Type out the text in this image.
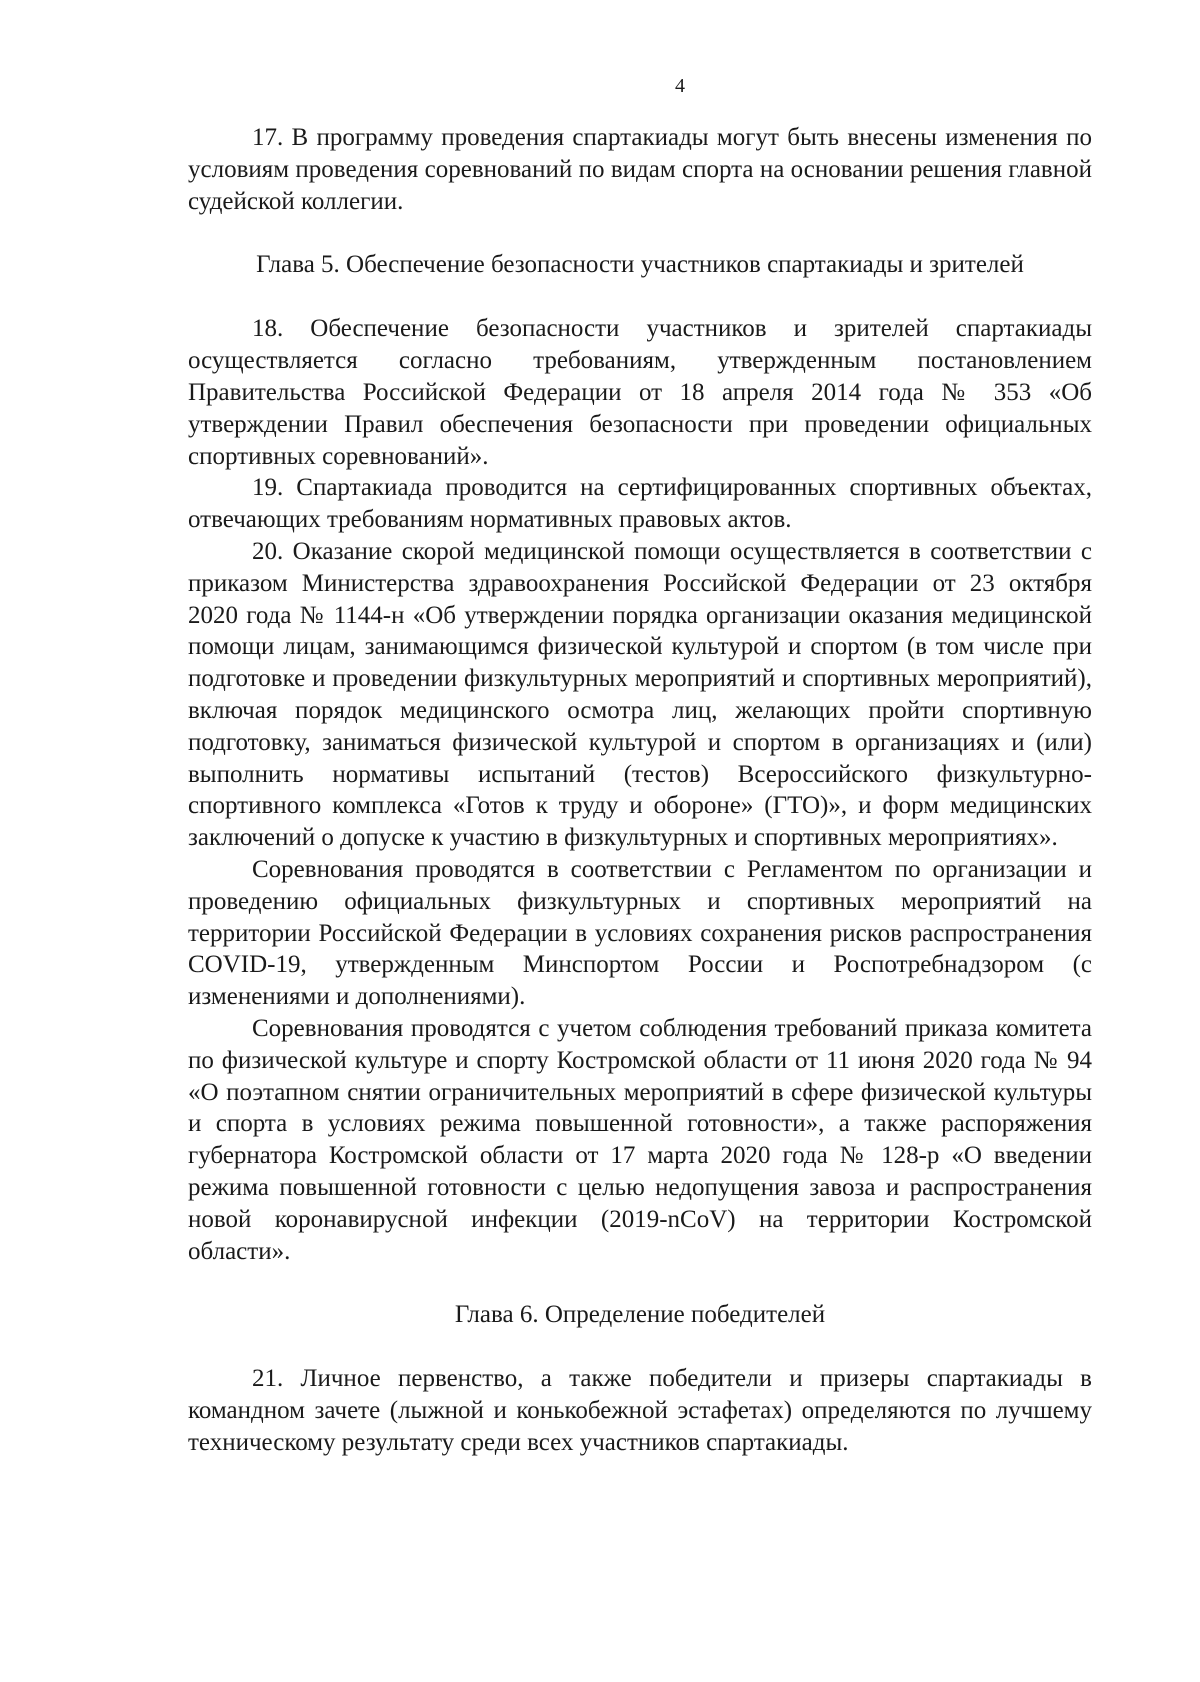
4

17. В программу проведения спартакиады могут быть внесены изменения по условиям проведения соревнований по видам спорта на основании решения главной судейской коллегии.

Глава 5. Обеспечение безопасности участников спартакиады и зрителей

18. Обеспечение безопасности участников и зрителей спартакиады осуществляется согласно требованиям, утвержденным постановлением Правительства Российской Федерации от 18 апреля 2014 года № 353 «Об утверждении Правил обеспечения безопасности при проведении официальных спортивных соревнований».

19. Спартакиада проводится на сертифицированных спортивных объектах, отвечающих требованиям нормативных правовых актов.

20. Оказание скорой медицинской помощи осуществляется в соответствии с приказом Министерства здравоохранения Российской Федерации от 23 октября 2020 года № 1144-н «Об утверждении порядка организации оказания медицинской помощи лицам, занимающимся физической культурой и спортом (в том числе при подготовке и проведении физкультурных мероприятий и спортивных мероприятий), включая порядок медицинского осмотра лиц, желающих пройти спортивную подготовку, заниматься физической культурой и спортом в организациях и (или) выполнить нормативы испытаний (тестов) Всероссийского физкультурно-спортивного комплекса «Готов к труду и обороне» (ГТО)», и форм медицинских заключений о допуске к участию в физкультурных и спортивных мероприятиях».

Соревнования проводятся в соответствии с Регламентом по организации и проведению официальных физкультурных и спортивных мероприятий на территории Российской Федерации в условиях сохранения рисков распространения COVID-19, утвержденным Минспортом России и Роспотребнадзором (с изменениями и дополнениями).

Соревнования проводятся с учетом соблюдения требований приказа комитета по физической культуре и спорту Костромской области от 11 июня 2020 года № 94 «О поэтапном снятии ограничительных мероприятий в сфере физической культуры и спорта в условиях режима повышенной готовности», а также распоряжения губернатора Костромской области от 17 марта 2020 года № 128-р «О введении режима повышенной готовности с целью недопущения завоза и распространения новой коронавирусной инфекции (2019-nCoV) на территории Костромской области».

Глава 6. Определение победителей

21. Личное первенство, а также победители и призеры спартакиады в командном зачете (лыжной и конькобежной эстафетах) определяются по лучшему техническому результату среди всех участников спартакиады.
